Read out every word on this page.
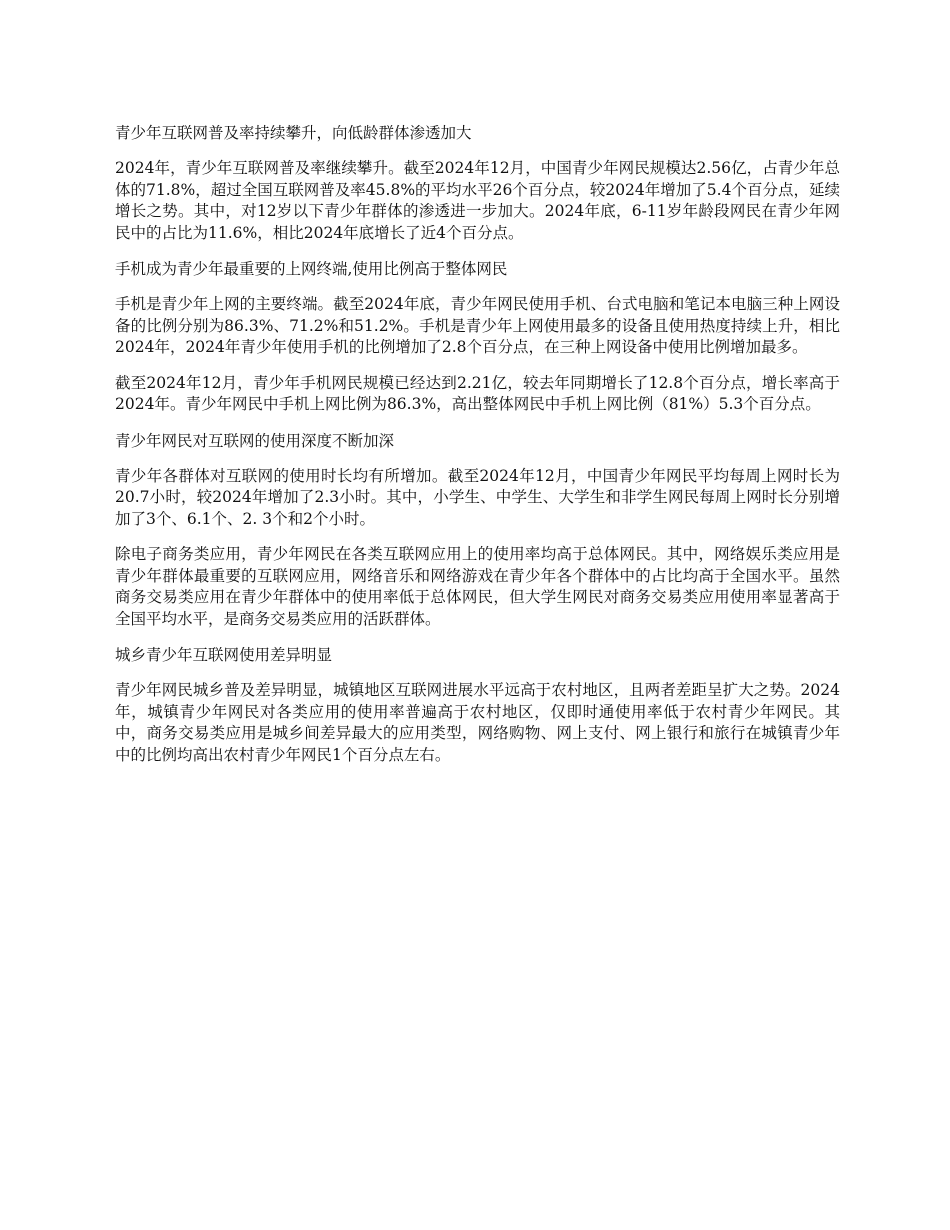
青少年互联网普及率持续攀升，向低龄群体渗透加大
2024年，青少年互联网普及率继续攀升。截至2024年12月，中国青少年网民规模达2.56亿，占青少年总体的71.8%，超过全国互联网普及率45.8%的平均水平26个百分点，较2024年增加了5.4个百分点，延续增长之势。其中，对12岁以下青少年群体的渗透进一步加大。2024年底，6-11岁年龄段网民在青少年网民中的占比为11.6%，相比2024年底增长了近4个百分点。
手机成为青少年最重要的上网终端,使用比例高于整体网民
手机是青少年上网的主要终端。截至2024年底，青少年网民使用手机、台式电脑和笔记本电脑三种上网设备的比例分别为86.3%、71.2%和51.2%。手机是青少年上网使用最多的设备且使用热度持续上升，相比2024年，2024年青少年使用手机的比例增加了2.8个百分点，在三种上网设备中使用比例增加最多。
截至2024年12月，青少年手机网民规模已经达到2.21亿，较去年同期增长了12.8个百分点，增长率高于2024年。青少年网民中手机上网比例为86.3%，高出整体网民中手机上网比例（81%）5.3个百分点。
青少年网民对互联网的使用深度不断加深
青少年各群体对互联网的使用时长均有所增加。截至2024年12月，中国青少年网民平均每周上网时长为20.7小时，较2024年增加了2.3小时。其中，小学生、中学生、大学生和非学生网民每周上网时长分别增加了3个、6.1个、2. 3个和2个小时。
除电子商务类应用，青少年网民在各类互联网应用上的使用率均高于总体网民。其中，网络娱乐类应用是青少年群体最重要的互联网应用，网络音乐和网络游戏在青少年各个群体中的占比均高于全国水平。虽然商务交易类应用在青少年群体中的使用率低于总体网民，但大学生网民对商务交易类应用使用率显著高于全国平均水平，是商务交易类应用的活跃群体。
城乡青少年互联网使用差异明显
青少年网民城乡普及差异明显，城镇地区互联网进展水平远高于农村地区，且两者差距呈扩大之势。2024年，城镇青少年网民对各类应用的使用率普遍高于农村地区，仅即时通使用率低于农村青少年网民。其中，商务交易类应用是城乡间差异最大的应用类型，网络购物、网上支付、网上银行和旅行在城镇青少年中的比例均高出农村青少年网民1个百分点左右。
